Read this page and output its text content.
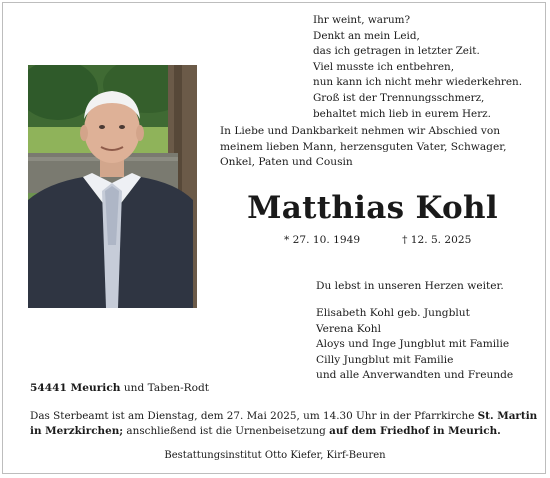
Ihr weint, warum?
Denkt an mein Leid,
das ich getragen in letzter Zeit.
Viel musste ich entbehren,
nun kann ich nicht mehr wiederkehren.
Groß ist der Trennungsschmerz,
behaltet mich lieb in eurem Herz.
In Liebe und Dankbarkeit nehmen wir Abschied von
meinem lieben Mann, herzensguten Vater, Schwager,
Onkel, Paten und Cousin
Matthias Kohl
* 27. 10. 1949	† 12. 5. 2025
Du lebst in unseren Herzen weiter.
Elisabeth Kohl geb. Jungblut
Verena Kohl
Aloys und Inge Jungblut mit Familie
Cilly Jungblut mit Familie
und alle Anverwandten und Freunde
54441 Meurich und Taben-Rodt
Das Sterbeamt ist am Dienstag, dem 27. Mai 2025, um 14.30 Uhr in der Pfarrkirche St. Martin
in Merzkirchen; anschließend ist die Urnenbeisetzung auf dem Friedhof in Meurich.
Bestattungsinstitut Otto Kiefer, Kirf-Beuren
